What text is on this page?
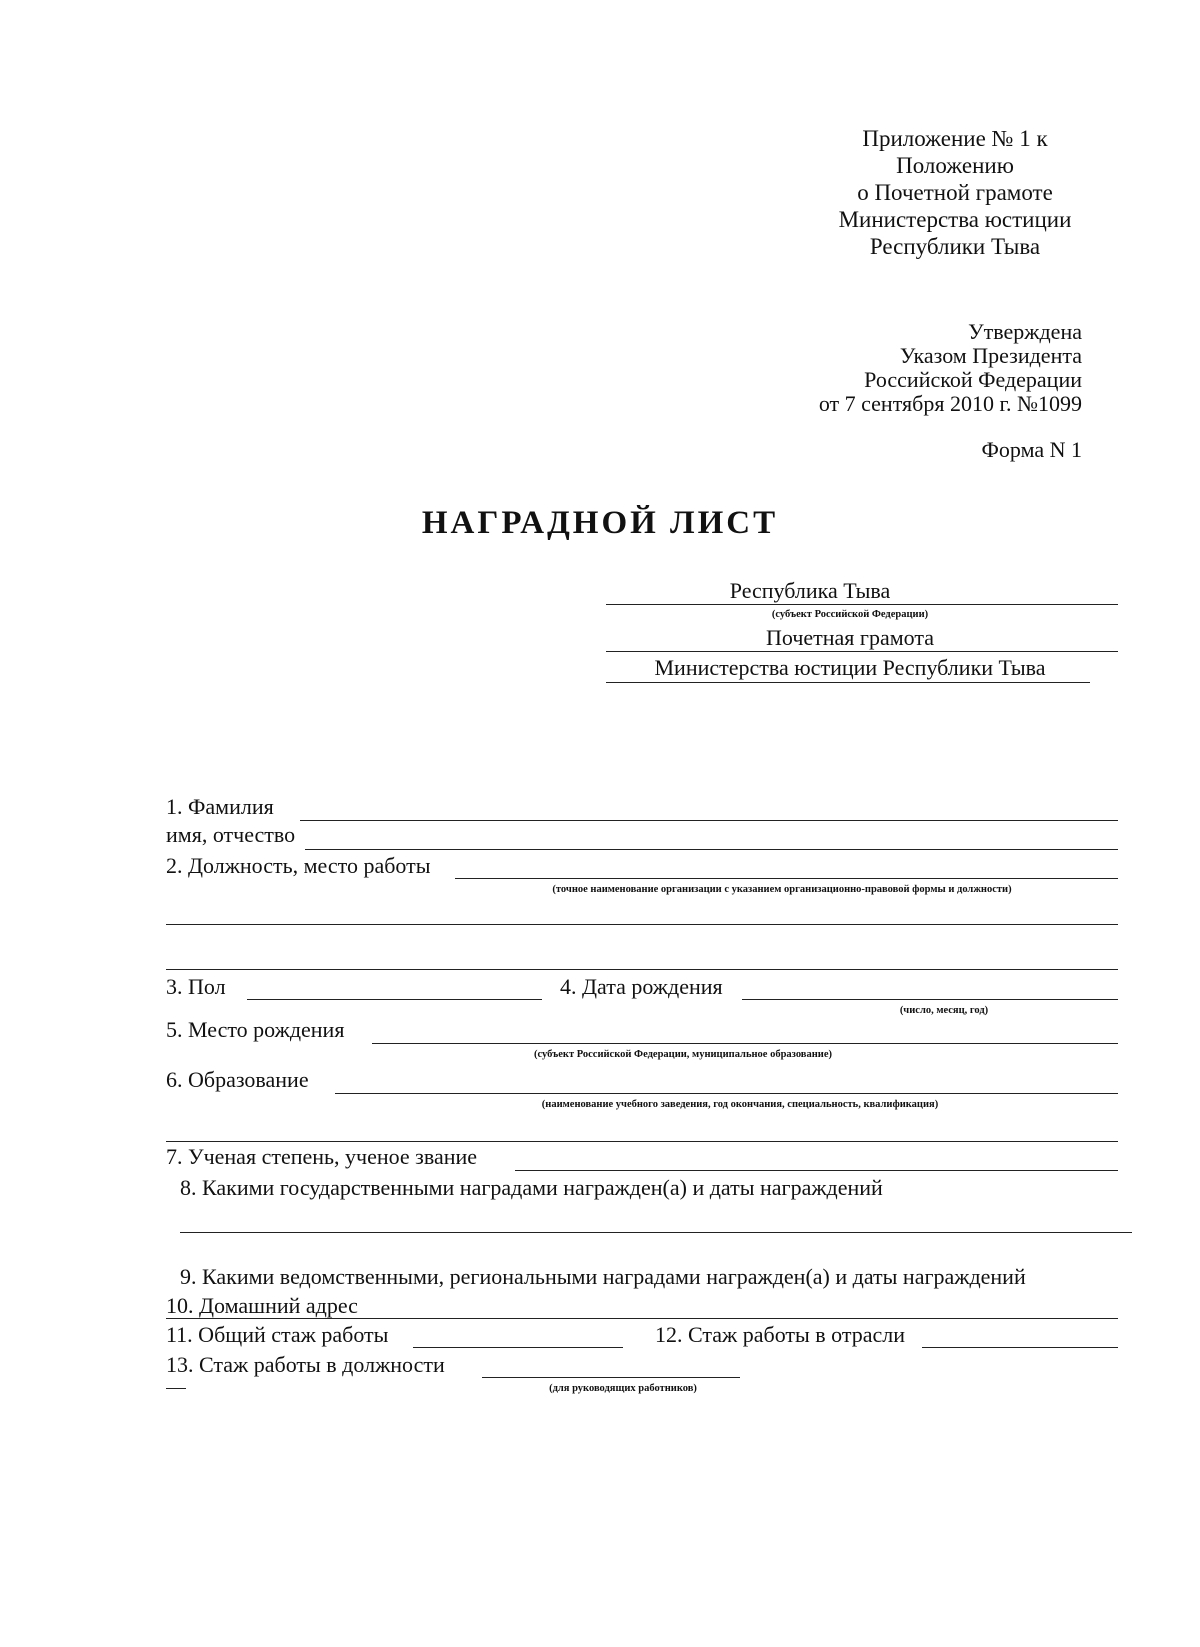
Приложение № 1 к
Положению
о Почетной грамоте
Министерства юстиции
Республики Тыва
Утверждена
Указом Президента
Российской Федерации
от 7 сентября 2010 г. №1099
Форма N 1
НАГРАДНОЙ ЛИСТ
Республика Тыва
(субъект Российской Федерации)
Почетная грамота
Министерства юстиции Республики Тыва
1. Фамилия
имя, отчество
2. Должность, место работы
(точное наименование организации с указанием организационно-правовой формы и должности)
3. Пол	4. Дата рождения
(число, месяц, год)
5. Место рождения
(субъект Российской Федерации, муниципальное образование)
6. Образование
(наименование учебного заведения, год окончания, специальность, квалификация)
7. Ученая степень, ученое звание
8. Какими государственными наградами награжден(а) и даты награждений
9. Какими ведомственными, региональными наградами награжден(а) и даты награждений
10. Домашний адрес
11. Общий стаж работы	12. Стаж работы в отрасли
13. Стаж работы в должности
(для руководящих работников)
